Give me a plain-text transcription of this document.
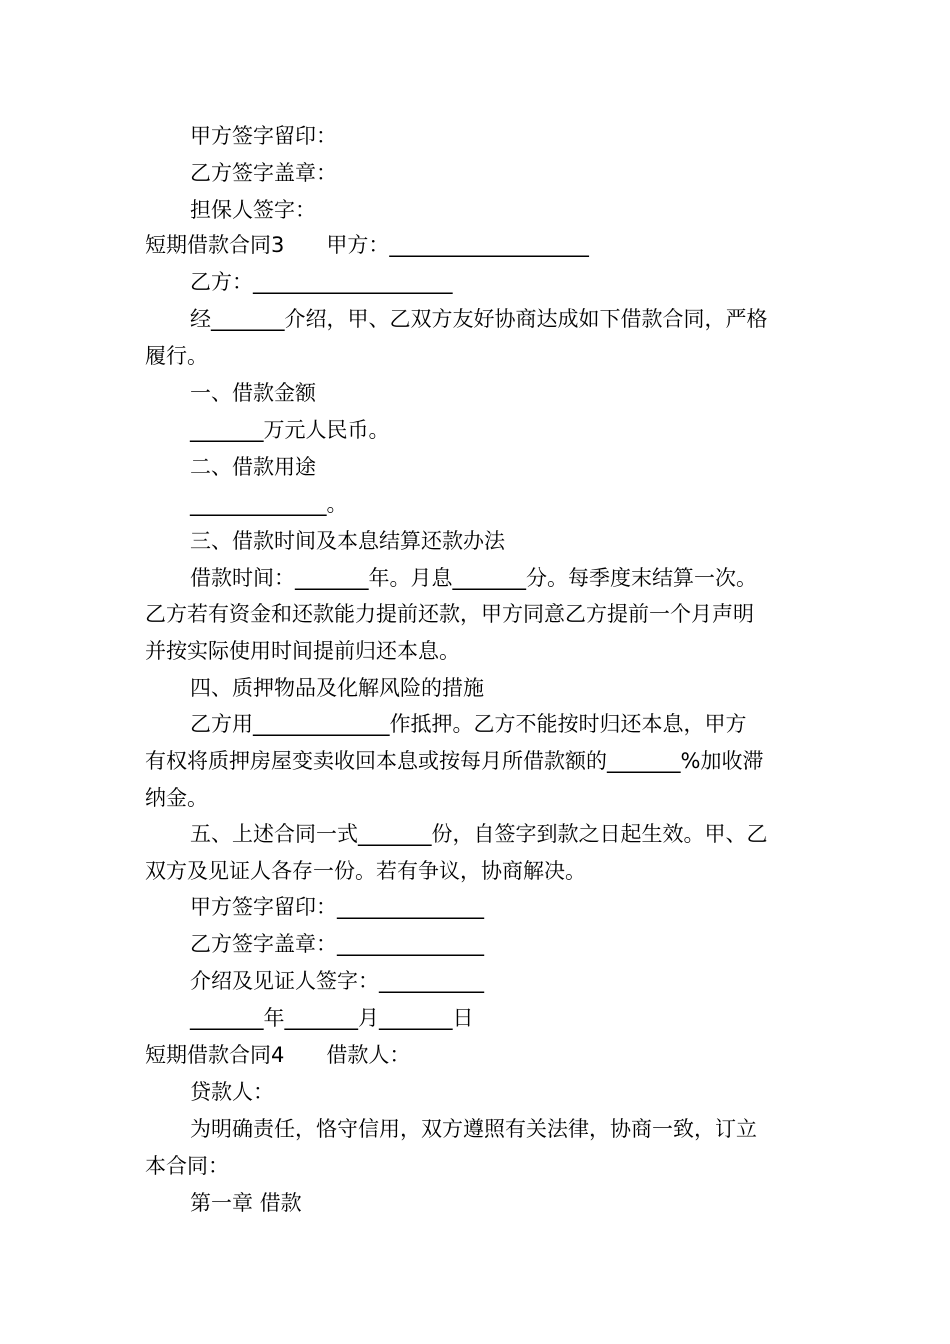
甲方签字留印：
乙方签字盖章：
担保人签字：
短期借款合同3　　甲方：___________________
乙方：___________________
经_______介绍，甲、乙双方友好协商达成如下借款合同，严格
履行。
一、借款金额
_______万元人民币。
二、借款用途
_____________。
三、借款时间及本息结算还款办法
借款时间：_______年。月息_______分。每季度末结算一次。
乙方若有资金和还款能力提前还款，甲方同意乙方提前一个月声明
并按实际使用时间提前归还本息。
四、质押物品及化解风险的措施
乙方用_____________作抵押。乙方不能按时归还本息，甲方
有权将质押房屋变卖收回本息或按每月所借款额的_______%加收滞
纳金。
五、上述合同一式_______份，自签字到款之日起生效。甲、乙
双方及见证人各存一份。若有争议，协商解决。
甲方签字留印：______________
乙方签字盖章：______________
介绍及见证人签字：__________
_______年_______月_______日
短期借款合同4　　借款人：
贷款人：
为明确责任，恪守信用，双方遵照有关法律，协商一致，订立
本合同：
第一章 借款
